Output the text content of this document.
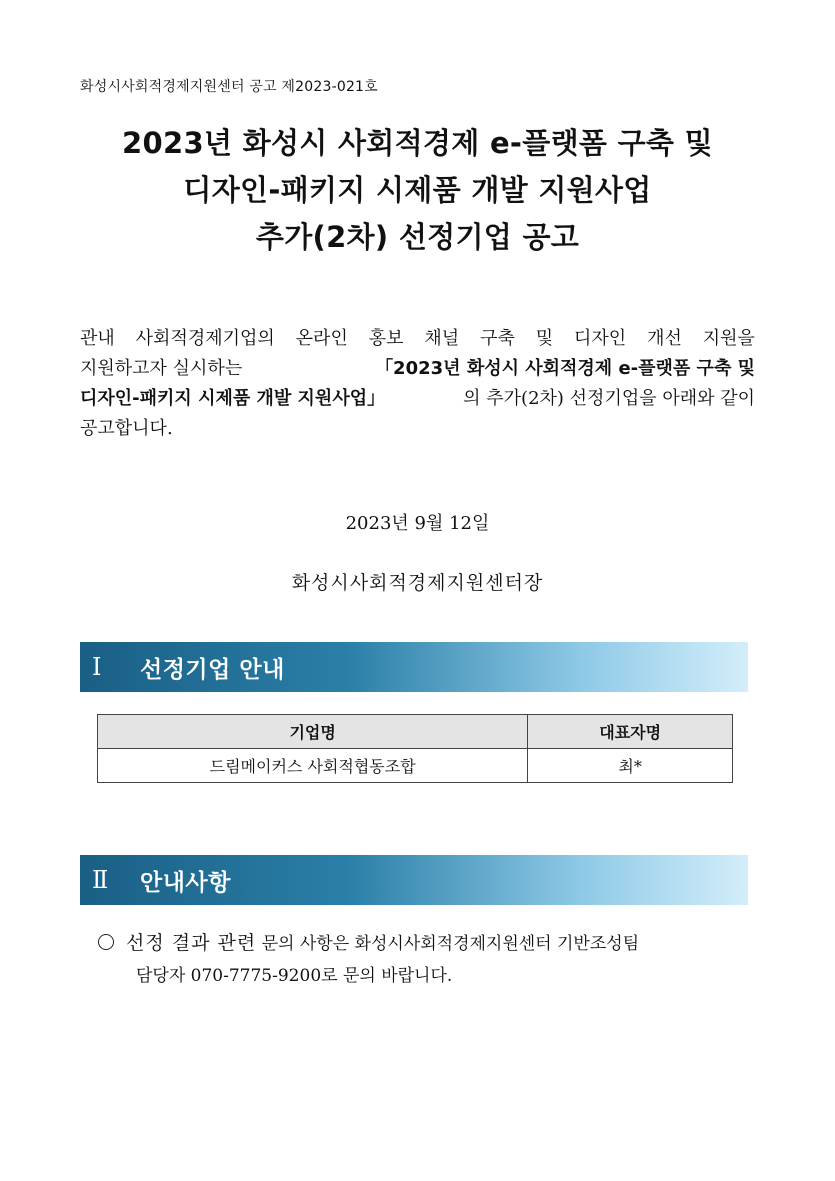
화성시사회적경제지원센터 공고 제2023-021호
2023년 화성시 사회적경제 e-플랫폼 구축 및
디자인-패키지 시제품 개발 지원사업
추가(2차) 선정기업 공고
관내 사회적경제기업의 온라인 홍보 채널 구축 및 디자인 개선 지원을
지원하고자 실시하는	「2023년 화성시 사회적경제 e-플랫폼 구축 및
디자인-패키지 시제품 개발 지원사업」	의 추가(2차) 선정기업을 아래와 같이
공고합니다.
2023년 9월 12일
화성시사회적경제지원센터장
Ⅰ	선정기업 안내
기업명	대표자명
드림메이커스 사회적협동조합	최*
Ⅱ	안내사항
선정 결과 관련 문의 사항은 화성시사회적경제지원센터 기반조성팀
담당자 070-7775-9200로 문의 바랍니다.
